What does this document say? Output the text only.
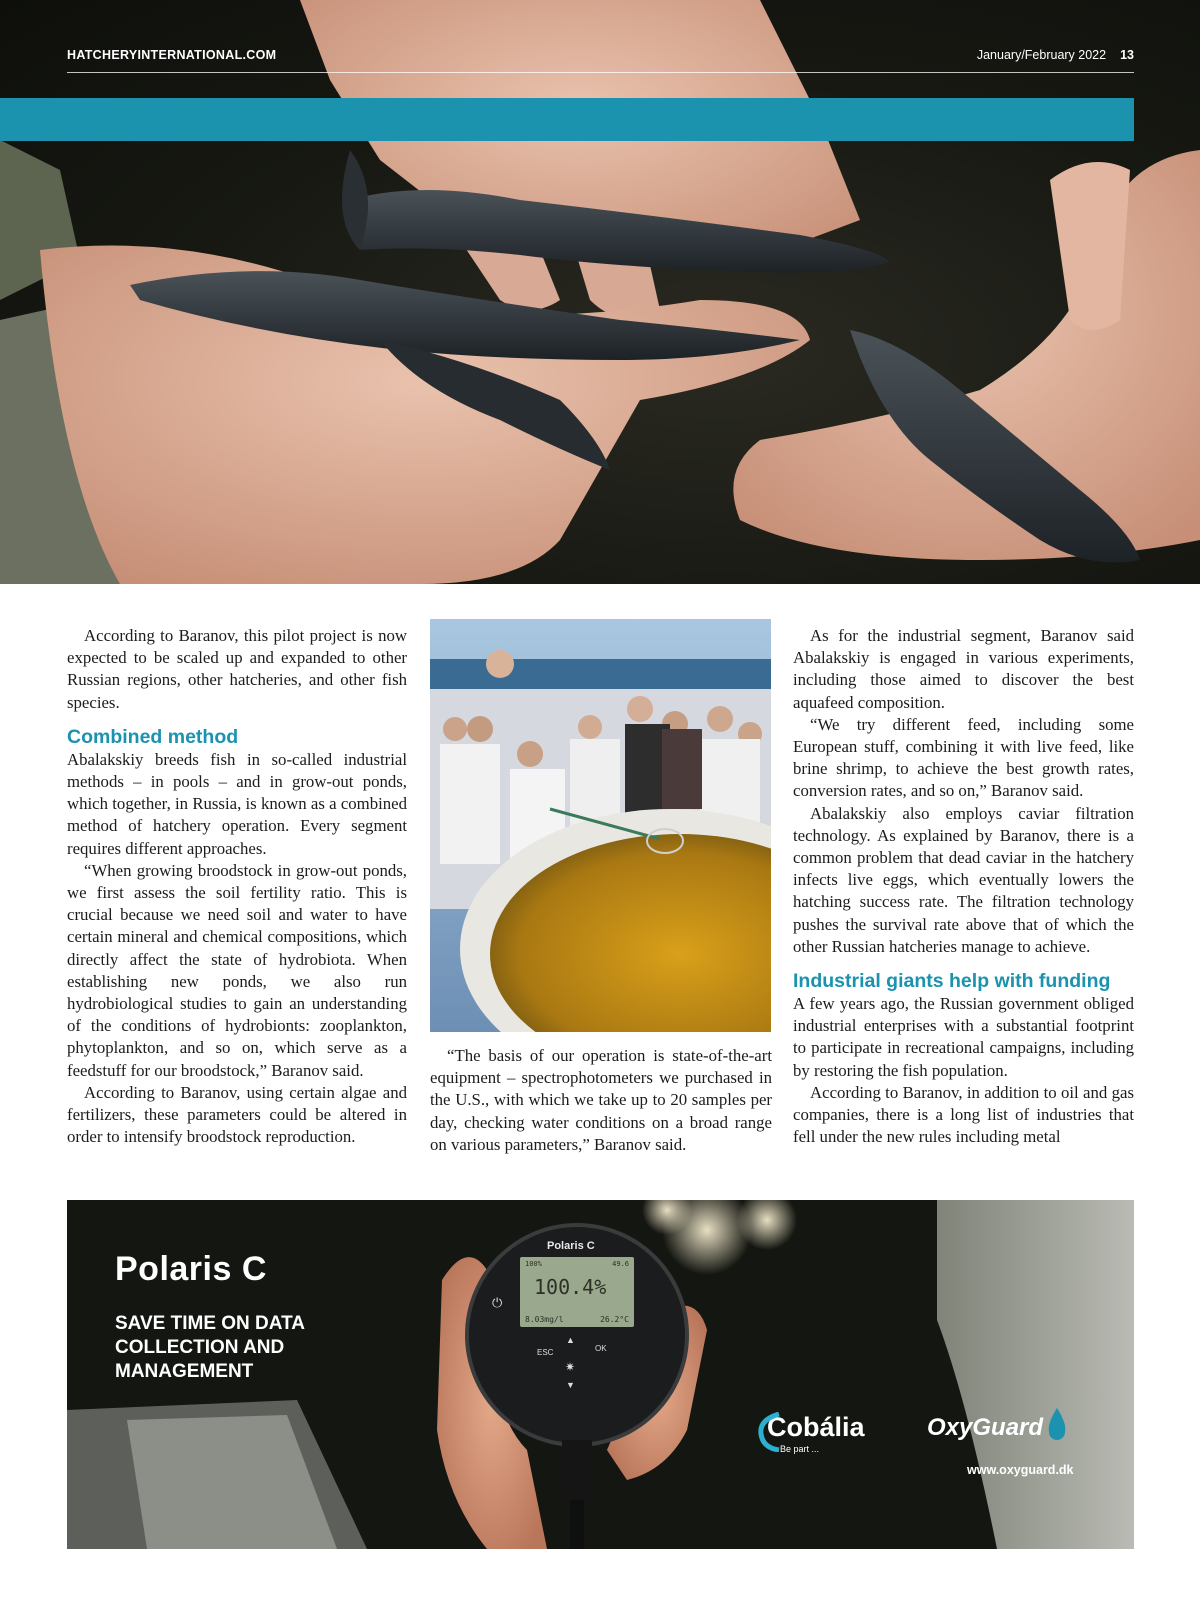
HATCHERYINTERNATIONAL.COM	January/February 2022 13

According to Baranov, this pilot project is now expected to be scaled up and expanded to other Russian regions, other hatcheries, and other fish species.

Combined method

Abalakskiy breeds fish in so-called industrial methods – in pools – and in grow-out ponds, which together, in Russia, is known as a combined method of hatchery operation. Every segment requires different approaches.

“When growing broodstock in grow-out ponds, we first assess the soil fertility ratio. This is crucial because we need soil and water to have certain mineral and chemical compositions, which directly affect the state of hydrobiota. When establishing new ponds, we also run hydrobiological studies to gain an understanding of the conditions of hydrobionts: zooplankton, phytoplankton, and so on, which serve as a feedstuff for our broodstock,” Baranov said.

According to Baranov, using certain algae and fertilizers, these parameters could be altered in order to intensify broodstock reproduction.

“The basis of our operation is state-of-the-art equipment – spectrophotometers we purchased in the U.S., with which we take up to 20 samples per day, checking water conditions on a broad range on various parameters,” Baranov said.

As for the industrial segment, Baranov said Abalakskiy is engaged in various experiments, including those aimed to discover the best aquafeed composition.

“We try different feed, including some European stuff, combining it with live feed, like brine shrimp, to achieve the best growth rates, conversion rates, and so on,” Baranov said.

Abalakskiy also employs caviar filtration technology. As explained by Baranov, there is a common problem that dead caviar in the hatchery infects live eggs, which eventually lowers the hatching success rate. The filtration technology pushes the survival rate above that of which the other Russian hatcheries manage to achieve.

Industrial giants help with funding

A few years ago, the Russian government obliged industrial enterprises with a substantial footprint to participate in recreational campaigns, including by restoring the fish population.

According to Baranov, in addition to oil and gas companies, there is a long list of industries that fell under the new rules including metal

Polaris C
SAVE TIME ON DATA COLLECTION AND MANAGEMENT
Polaris C
100%	49.6
100.4%
8.03mg/l	26.2°C
ESC	OK
⏻
✷
▲
▼
Cobália
Be part ...
OxyGuard
www.oxyguard.dk
